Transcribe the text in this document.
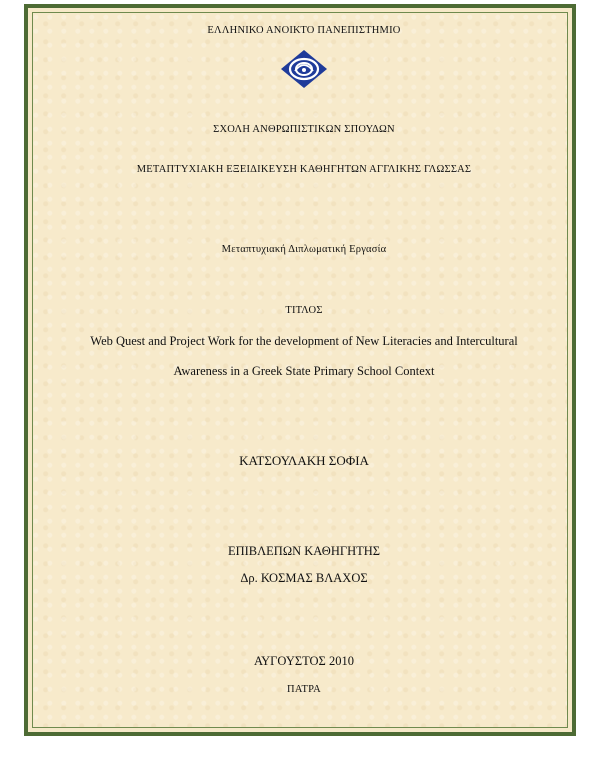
ΕΛΛΗΝΙΚΟ ΑΝΟΙΚΤΟ ΠΑΝΕΠΙΣΤΗΜΙΟ
ΣΧΟΛΗ ΑΝΘΡΩΠΙΣΤΙΚΩΝ ΣΠΟΥΔΩΝ
ΜΕΤΑΠΤΥΧΙΑΚΗ ΕΞΕΙΔΙΚΕΥΣΗ ΚΑΘΗΓΗΤΩΝ ΑΓΓΛΙΚΗΣ ΓΛΩΣΣΑΣ
Μεταπτυχιακή Διπλωματική Εργασία
ΤΙΤΛΟΣ
Web Quest and Project Work for the development of New Literacies and Intercultural
Awareness in a Greek State Primary School Context
ΚΑΤΣΟΥΛΑΚΗ ΣΟΦΙΑ
ΕΠΙΒΛΕΠΩΝ ΚΑΘΗΓΗΤΗΣ
Δρ. ΚΟΣΜΑΣ ΒΛΑΧΟΣ
ΑΥΓΟΥΣΤΟΣ 2010
ΠΑΤΡΑ
